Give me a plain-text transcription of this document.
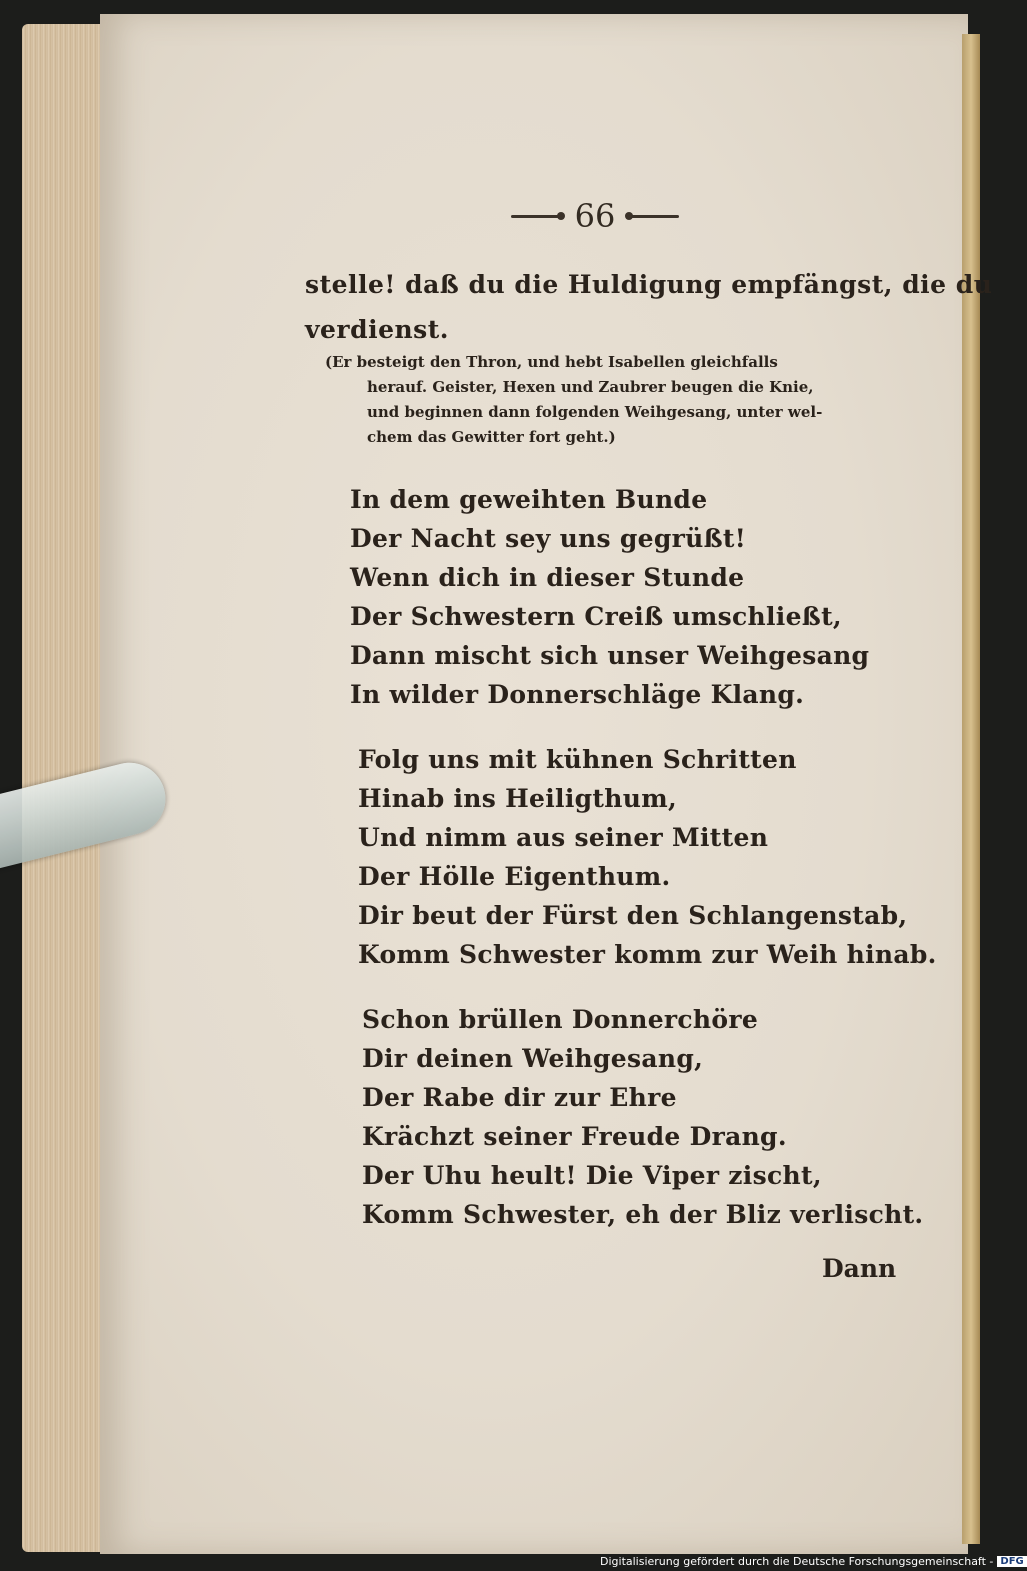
66
stelle! daß du die Huldigung empfängst, die du
verdienst.
(Er besteigt den Thron, und hebt Isabellen gleichfalls
herauf. Geister, Hexen und Zaubrer beugen die Knie,
und beginnen dann folgenden Weihgesang, unter wel-
chem das Gewitter fort geht.)
In dem geweihten Bunde
Der Nacht sey uns gegrüßt!
Wenn dich in dieser Stunde
Der Schwestern Creiß umschließt,
Dann mischt sich unser Weihgesang
In wilder Donnerschläge Klang.
Folg uns mit kühnen Schritten
Hinab ins Heiligthum,
Und nimm aus seiner Mitten
Der Hölle Eigenthum.
Dir beut der Fürst den Schlangenstab,
Komm Schwester komm zur Weih hinab.
Schon brüllen Donnerchöre
Dir deinen Weihgesang,
Der Rabe dir zur Ehre
Krächzt seiner Freude Drang.
Der Uhu heult! Die Viper zischt,
Komm Schwester, eh der Bliz verlischt.
Dann
Digitalisierung gefördert durch die Deutsche Forschungsgemeinschaft - DFG
